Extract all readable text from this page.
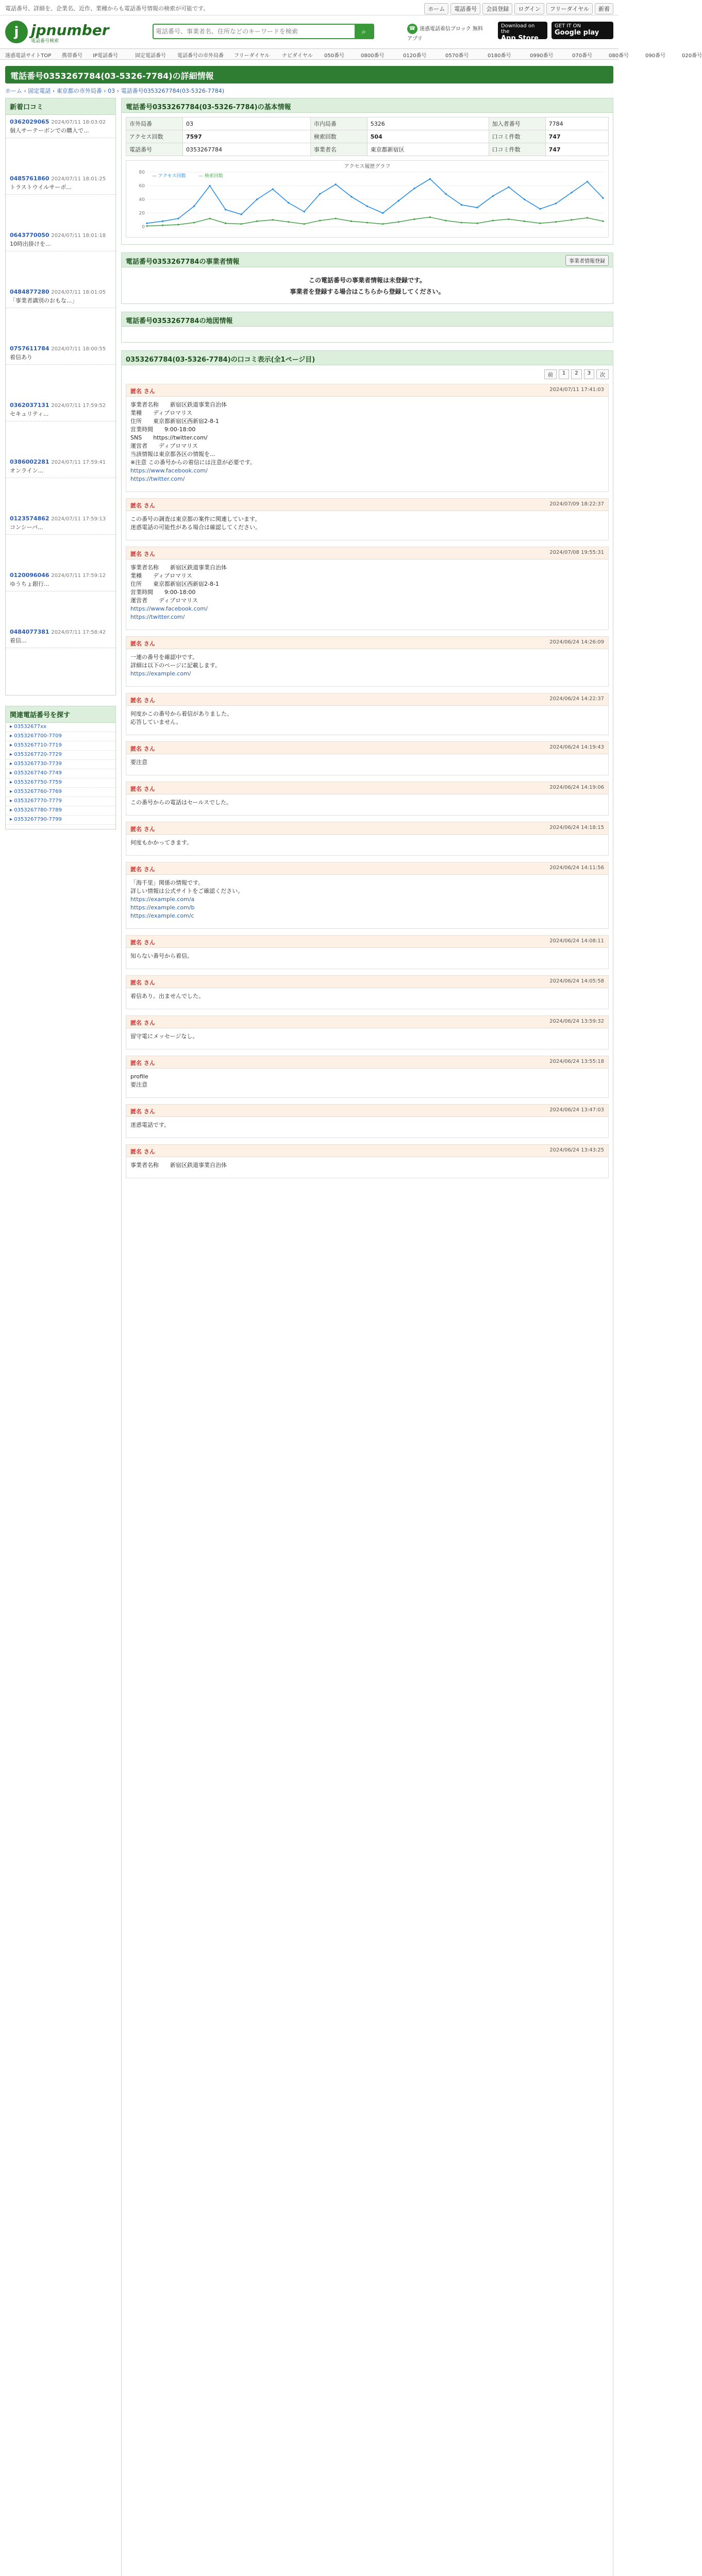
電話番号、詳細を、企業名、近作、業種からも電話番号情報の検索が可能です。	ホーム	電話番号	会員登録	ログイン	フリーダイヤル	新着
j jpnumber
電話番号検索
電話番号、事業者名、住所などのキーワードを検索
⌕	☎ 迷惑電話着信ブロック 無料アプリ
Download on the
App Store
GET IT ON
Google play
迷惑電話サイトTOP 携帯番号 IP電話番号	固定電話番号 電話番号の市外局番 フリーダイヤル ナビダイヤル 050番号	0800番号	0120番号	0570番号	0180番号	0990番号	070番号	080番号	090番号	020番号
電話番号0353267784(03-5326-7784)の詳細情報
ホーム › 固定電話 › 東京都の市外局番 › 03 › 電話番号0353267784(03-5326-7784)
新着口コミ
0362029065 2024/07/11 18:03:02
個人サーテーボンでの購入で...
0485761860 2024/07/11 18:01:25
トラストウイルサーボ...
0643770050 2024/07/11 18:01:18
10時出掛けを...
0484877280 2024/07/11 18:01:05
「事業者識別のおもな...」
0757611784 2024/07/11 18:00:55
着信あり
0362037131 2024/07/11 17:59:52
セキュリティ...
0386002281 2024/07/11 17:59:41
オンライン...
0123574862 2024/07/11 17:59:13
コンシーパ...
0120096046 2024/07/11 17:59:12
ゆうちょ銀行...
0484077381 2024/07/11 17:58:42
着信...
関連電話番号を探す
▸ 03532677xx
▸ 0353267700-7709
▸ 0353267710-7719
▸ 0353267720-7729
▸ 0353267730-7739
▸ 0353267740-7749
▸ 0353267750-7759
▸ 0353267760-7769
▸ 0353267770-7779
▸ 0353267780-7789
▸ 0353267790-7799
電話番号0353267784(03-5326-7784)の基本情報
市外局番	03	市内局番	5326	加入者番号	7784
アクセス回数	7597	検索回数	504	口コミ件数	747
電話番号	0353267784	事業者名	東京都新宿区	口コミ件数	747
アクセス履歴グラフ
0
20
40
60
80
— アクセス回数	— 検索回数
電話番号0353267784の事業者情報	事業者情報登録
この電話番号の事業者情報は未登録です。
事業者を登録する場合はこちらから登録してください。
電話番号0353267784の地図情報
0353267784(03-5326-7784)の口コミ表示(全1ページ目)
前	1	2	3	次
匿名 さん	2024/07/11 17:41:03
事業者名称　　新宿区鉄道事業自治体
業種　　ディプロマリス
住所　　東京都新宿区西新宿2-8-1
営業時間　　9:00-18:00
SNS　　https://twitter.com/
運営者　　ディプロマリス
当該情報は東京都各区の情報を...
※注意 この番号からの着信には注意が必要です。
https://www.facebook.com/
https://twitter.com/
匿名 さん	2024/07/09 18:22:37
この番号の調査は東京都の案件に関連しています。
迷惑電話の可能性がある場合は確認してください。
匿名 さん	2024/07/08 19:55:31
事業者名称　　新宿区鉄道事業自治体
業種　　ディプロマリス
住所　　東京都新宿区西新宿2-8-1
営業時間　　9:00-18:00
運営者　　ディプロマリス
https://www.facebook.com/
https://twitter.com/
匿名 さん	2024/06/24 14:26:09
一連の番号を確認中です。
詳細は以下のページに記載します。
https://example.com/
匿名 さん	2024/06/24 14:22:37
何度かこの番号から着信がありました。
応答していません。
匿名 さん	2024/06/24 14:19:43
要注意
匿名 さん	2024/06/24 14:19:06
この番号からの電話はセールスでした。
匿名 さん	2024/06/24 14:18:15
何度もかかってきます。
匿名 さん	2024/06/24 14:11:56
「海千里」関係の情報です。
詳しい情報は公式サイトをご確認ください。
https://example.com/a
https://example.com/b
https://example.com/c
匿名 さん	2024/06/24 14:08:11
知らない番号から着信。
匿名 さん	2024/06/24 14:05:58
着信あり。出ませんでした。
匿名 さん	2024/06/24 13:59:32
留守電にメッセージなし。
匿名 さん	2024/06/24 13:55:18
profile
要注意
匿名 さん	2024/06/24 13:47:03
迷惑電話です。
匿名 さん	2024/06/24 13:43:25
事業者名称　　新宿区鉄道事業自治体
